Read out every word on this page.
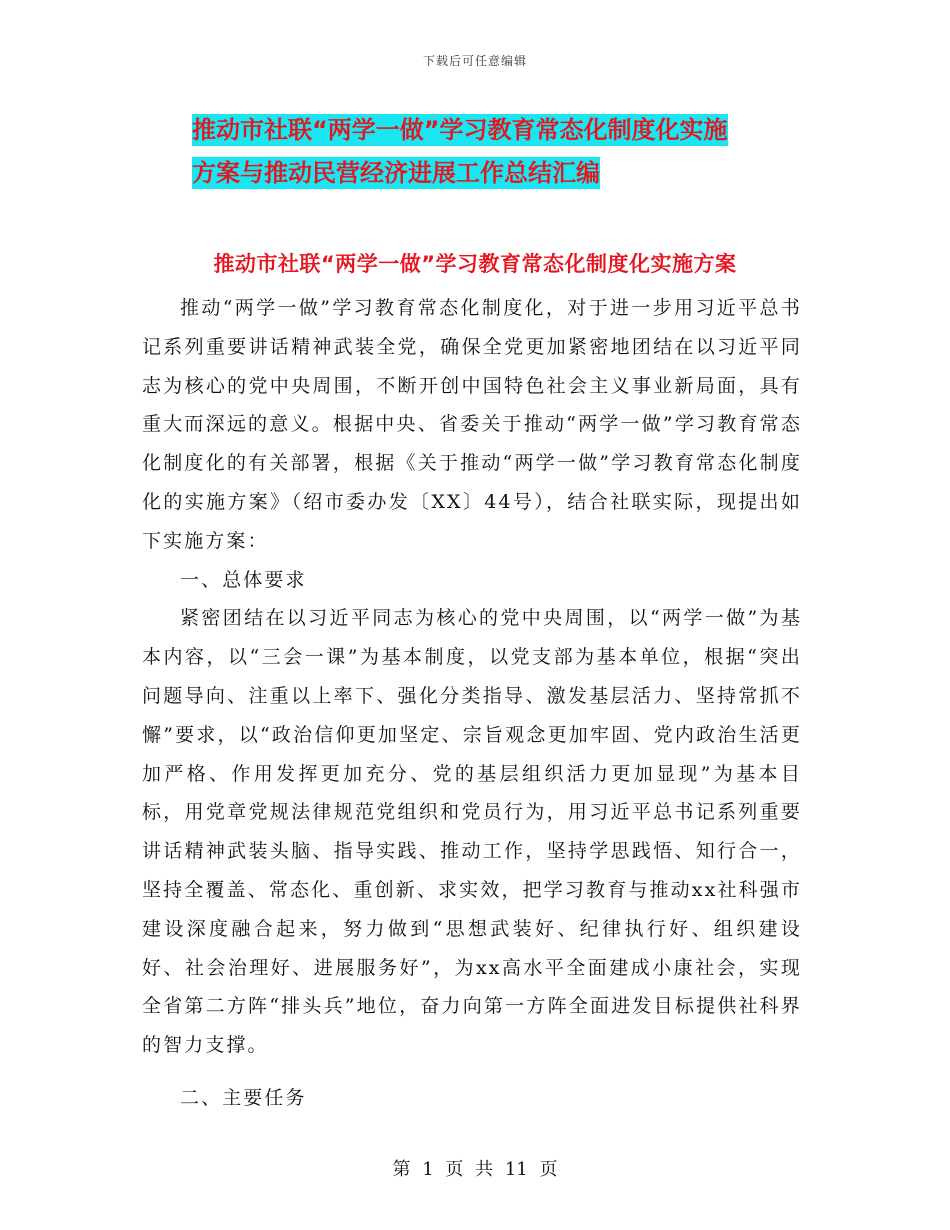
下载后可任意编辑
推动市社联“两学一做”学习教育常态化制度化实施
方案与推动民营经济进展工作总结汇编
推动市社联“两学一做”学习教育常态化制度化实施方案

推动“两学一做”学习教育常态化制度化，对于进一步用习近平总书记系列重要讲话精神武装全党，确保全党更加紧密地团结在以习近平同志为核心的党中央周围，不断开创中国特色社会主义事业新局面，具有重大而深远的意义。根据中央、省委关于推动“两学一做”学习教育常态化制度化的有关部署，根据《关于推动“两学一做”学习教育常态化制度化的实施方案》（绍市委办发〔XX〕44号），结合社联实际，现提出如下实施方案：

一、总体要求

紧密团结在以习近平同志为核心的党中央周围，以“两学一做”为基本内容，以“三会一课”为基本制度，以党支部为基本单位，根据“突出问题导向、注重以上率下、强化分类指导、激发基层活力、坚持常抓不懈”要求，以“政治信仰更加坚定、宗旨观念更加牢固、党内政治生活更加严格、作用发挥更加充分、党的基层组织活力更加显现”为基本目标，用党章党规法律规范党组织和党员行为，用习近平总书记系列重要讲话精神武装头脑、指导实践、推动工作，坚持学思践悟、知行合一，坚持全覆盖、常态化、重创新、求实效，把学习教育与推动xx社科强市建设深度融合起来，努力做到“思想武装好、纪律执行好、组织建设好、社会治理好、进展服务好”，为xx高水平全面建成小康社会，实现全省第二方阵“排头兵”地位，奋力向第一方阵全面进发目标提供社科界的智力支撑。

二、主要任务

第 1 页 共 11 页
